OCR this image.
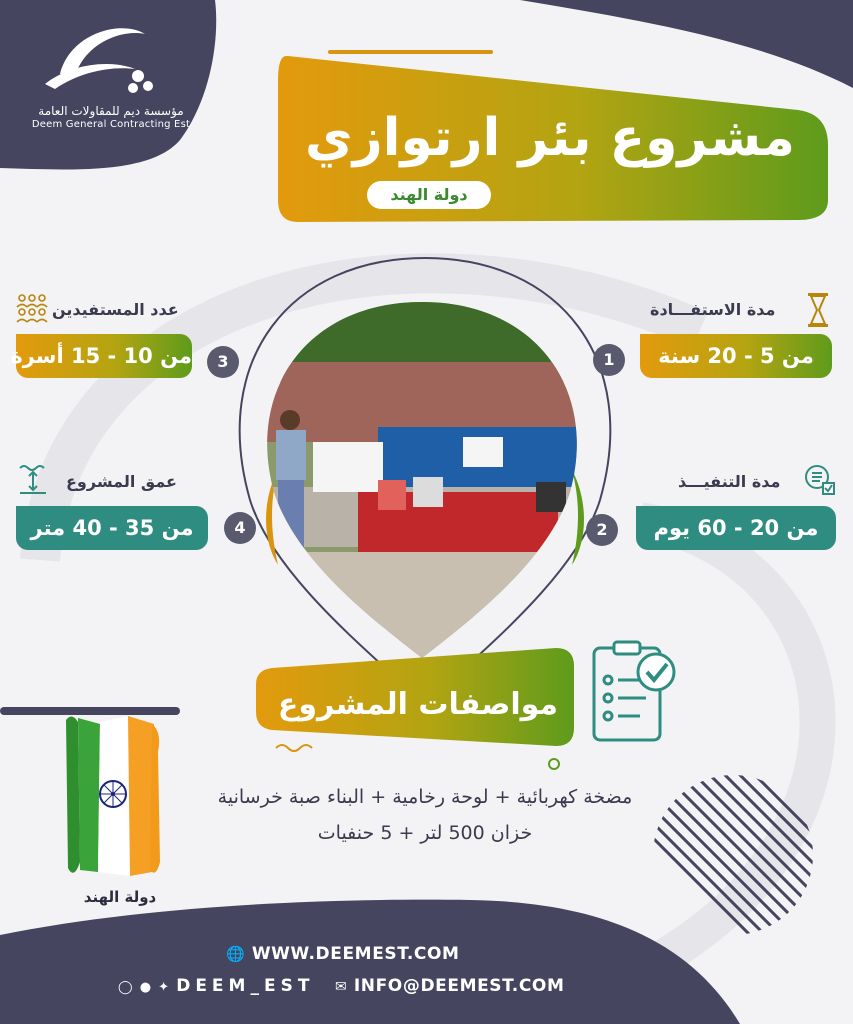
مؤسسة ديم للمقاولات العامة
Deem General Contracting Est	مشروع بئر ارتوازي
دولة الهند
مدة الاستفـــادة
من 5 - 20 سنة
1
مدة التنفيـــذ
من 20 - 60 يوم
2
عدد المستفيدين
من 10 - 15 أسرة	3
عمق المشروع
من 35 - 40 متر	4
مواصفات المشروع
مضخة كهربائية + لوحة رخامية + البناء صبة خرسانية
خزان 500 لتر + 5 حنفيات
دولة الهند
🌐 WWW.DEEMEST.COM
◯ ● ✦ DEEM_EST ✉ INFO@DEEMEST.COM
